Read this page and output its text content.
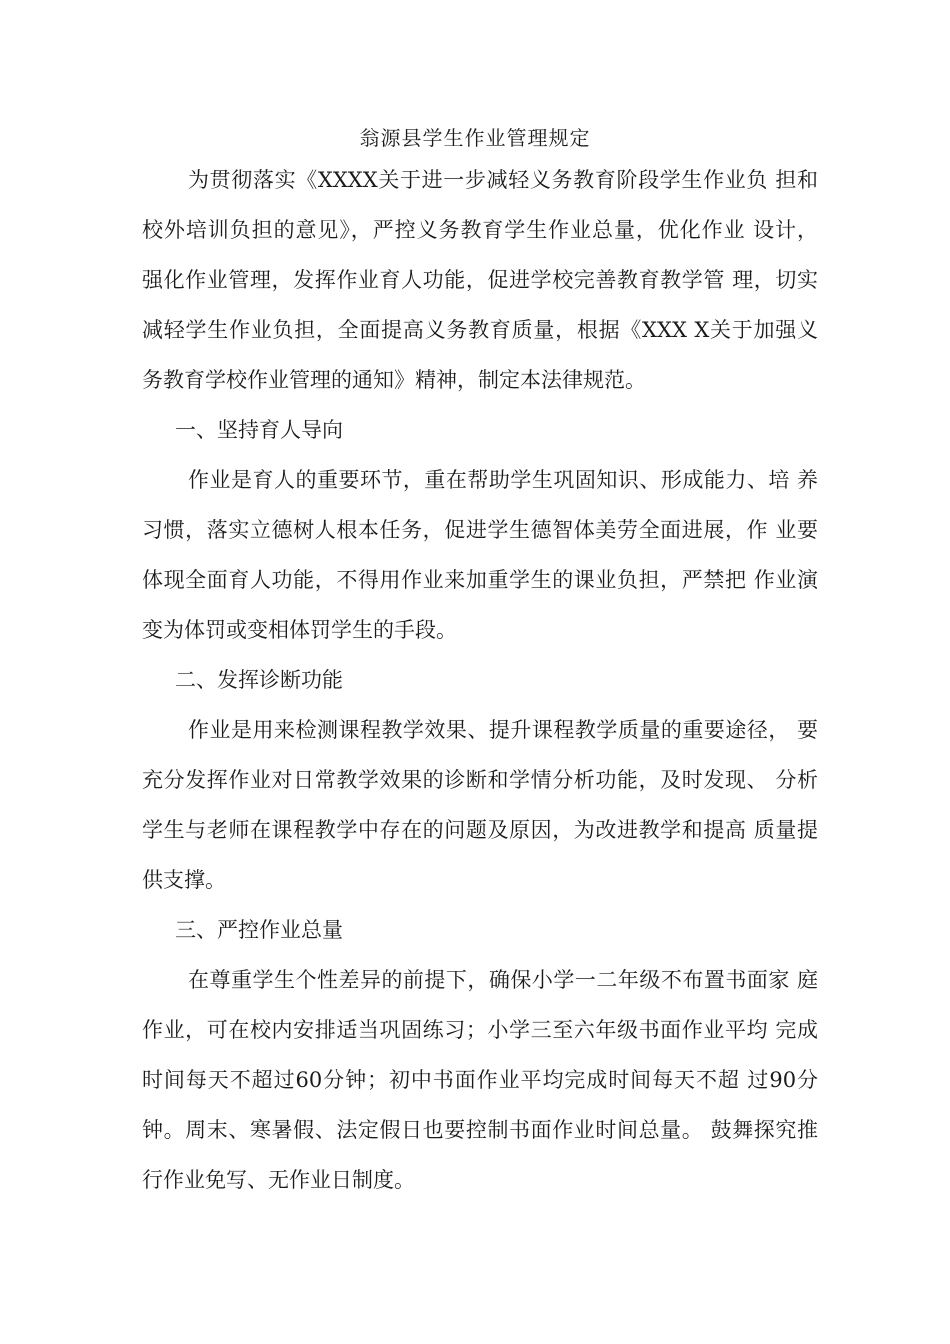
翁源县学生作业管理规定
为贯彻落实《XXXX关于进一步减轻义务教育阶段学生作业负 担和
校外培训负担的意见》，严控义务教育学生作业总量，优化作业 设计，
强化作业管理，发挥作业育人功能，促进学校完善教育教学管 理，切实
减轻学生作业负担，全面提高义务教育质量，根据《XXX X关于加强义
务教育学校作业管理的通知》精神，制定本法律规范。
一、坚持育人导向
作业是育人的重要环节，重在帮助学生巩固知识、形成能力、培 养
习惯，落实立德树人根本任务，促进学生德智体美劳全面进展，作 业要
体现全面育人功能，不得用作业来加重学生的课业负担，严禁把 作业演
变为体罚或变相体罚学生的手段。
二、发挥诊断功能
作业是用来检测课程教学效果、提升课程教学质量的重要途径， 要
充分发挥作业对日常教学效果的诊断和学情分析功能，及时发现、 分析
学生与老师在课程教学中存在的问题及原因，为改进教学和提高 质量提
供支撑。
三、严控作业总量
在尊重学生个性差异的前提下，确保小学一二年级不布置书面家 庭
作业，可在校内安排适当巩固练习；小学三至六年级书面作业平均 完成
时间每天不超过60分钟；初中书面作业平均完成时间每天不超 过90分
钟。周末、寒暑假、法定假日也要控制书面作业时间总量。 鼓舞探究推
行作业免写、无作业日制度。
